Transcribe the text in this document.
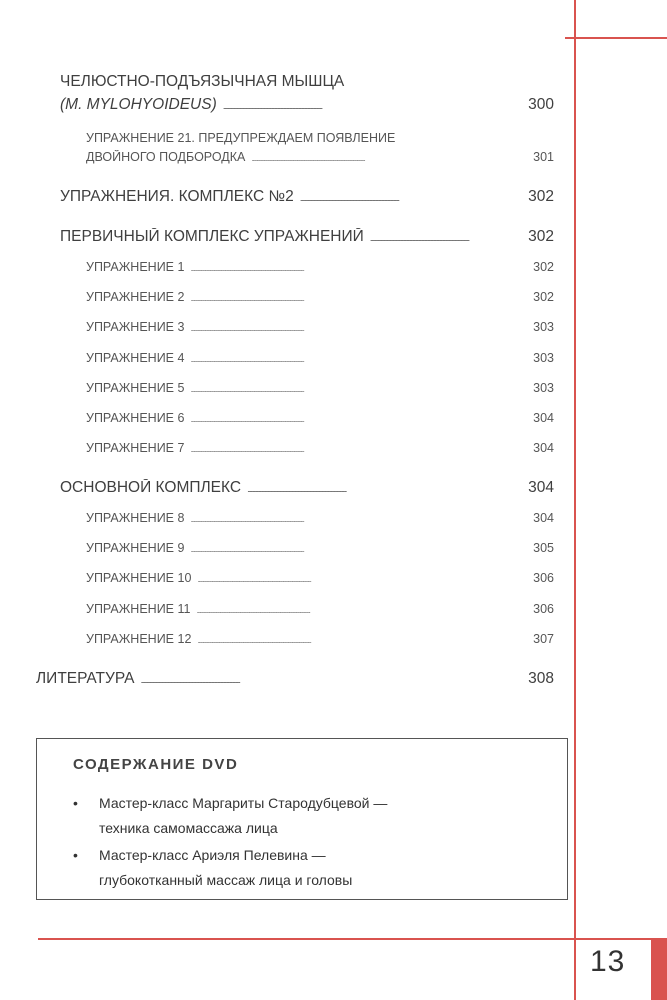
13
ЧЕЛЮСТНО-ПОДЪЯЗЫЧНАЯ МЫШЦА
(M. MYLOHYOIDEUS) . . .	300
УПРАЖНЕНИЕ 21. ПРЕДУПРЕЖДАЕМ ПОЯВЛЕНИЕ
ДВОЙНОГО ПОДБОРОДКА . . .	301
УПРАЖНЕНИЯ. КОМПЛЕКС №2 . . .	302
ПЕРВИЧНЫЙ КОМПЛЕКС УПРАЖНЕНИЙ . . .	302
УПРАЖНЕНИЕ 1 . . .	302
УПРАЖНЕНИЕ 2 . . .	302
УПРАЖНЕНИЕ 3 . . .	303
УПРАЖНЕНИЕ 4 . . .	303
УПРАЖНЕНИЕ 5 . . .	303
УПРАЖНЕНИЕ 6 . . .	304
УПРАЖНЕНИЕ 7 . . .	304
ОСНОВНОЙ КОМПЛЕКС . . .	304
УПРАЖНЕНИЕ 8 . . .	304
УПРАЖНЕНИЕ 9 . . .	305
УПРАЖНЕНИЕ 10 . . .	306
УПРАЖНЕНИЕ 11 . . .	306
УПРАЖНЕНИЕ 12 . . .	307
ЛИТЕРАТУРА . . .	308
СОДЕРЖАНИЕ DVD
•	Мастер-класс Маргариты Стародубцевой —
техника самомассажа лица
•	Мастер-класс Ариэля Пелевина —
глубокотканный массаж лица и головы
